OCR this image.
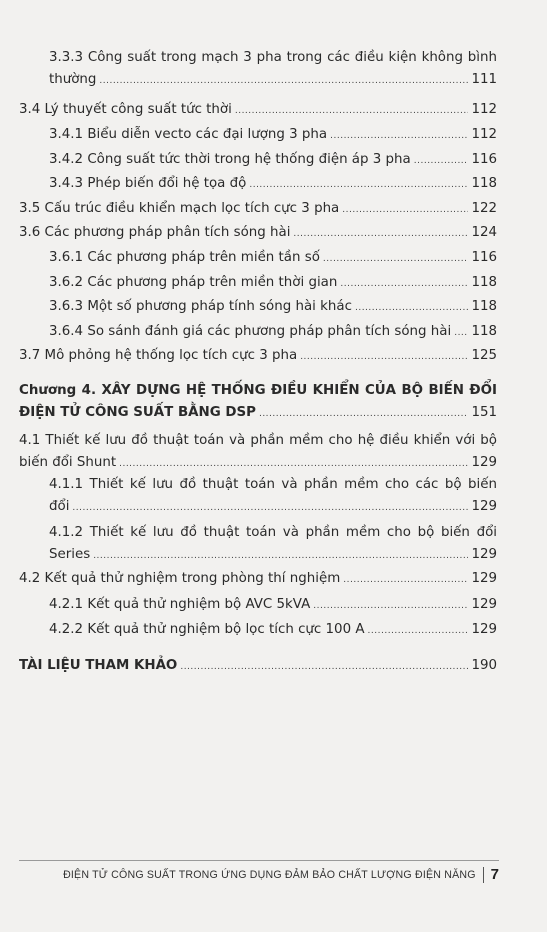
3.3.3 Công suất trong mạch 3 pha trong các điều kiện không bình
thường .....	111
3.4 Lý thuyết công suất tức thời .....	112
3.4.1 Biểu diễn vecto các đại lượng 3 pha .....	112
3.4.2 Công suất tức thời trong hệ thống điện áp 3 pha .....	116
3.4.3 Phép biến đổi hệ tọa độ .....	118
3.5 Cấu trúc điều khiển mạch lọc tích cực 3 pha .....	122
3.6 Các phương pháp phân tích sóng hài .....	124
3.6.1 Các phương pháp trên miền tần số .....	116
3.6.2 Các phương pháp trên miền thời gian .....	118
3.6.3 Một số phương pháp tính sóng hài khác .....	118
3.6.4 So sánh đánh giá các phương pháp phân tích sóng hài ..... 118
3.7 Mô phỏng hệ thống lọc tích cực 3 pha .....	125
Chương 4. XÂY DỰNG HỆ THỐNG ĐIỀU KHIỂN CỦA BỘ BIẾN ĐỔI
ĐIỆN TỬ CÔNG SUẤT BẰNG DSP .....	151
4.1 Thiết kế lưu đồ thuật toán và phần mềm cho hệ điều khiển với bộ
biến đổi Shunt .....	129
4.1.1 Thiết kế lưu đồ thuật toán và phần mềm cho các bộ biến
đổi .....	129
4.1.2 Thiết kế lưu đồ thuật toán và phần mềm cho bộ biến đổi
Series .....	129
4.2 Kết quả thử nghiệm trong phòng thí nghiệm .....	129
4.2.1 Kết quả thử nghiệm bộ AVC 5kVA .....	129
4.2.2 Kết quả thử nghiệm bộ lọc tích cực 100 A .....	129
TÀI LIỆU THAM KHẢO .....	190
ĐIỆN TỬ CÔNG SUẤT TRONG ỨNG DỤNG ĐẢM BẢO CHẤT LƯỢNG ĐIỆN NĂNG 7
